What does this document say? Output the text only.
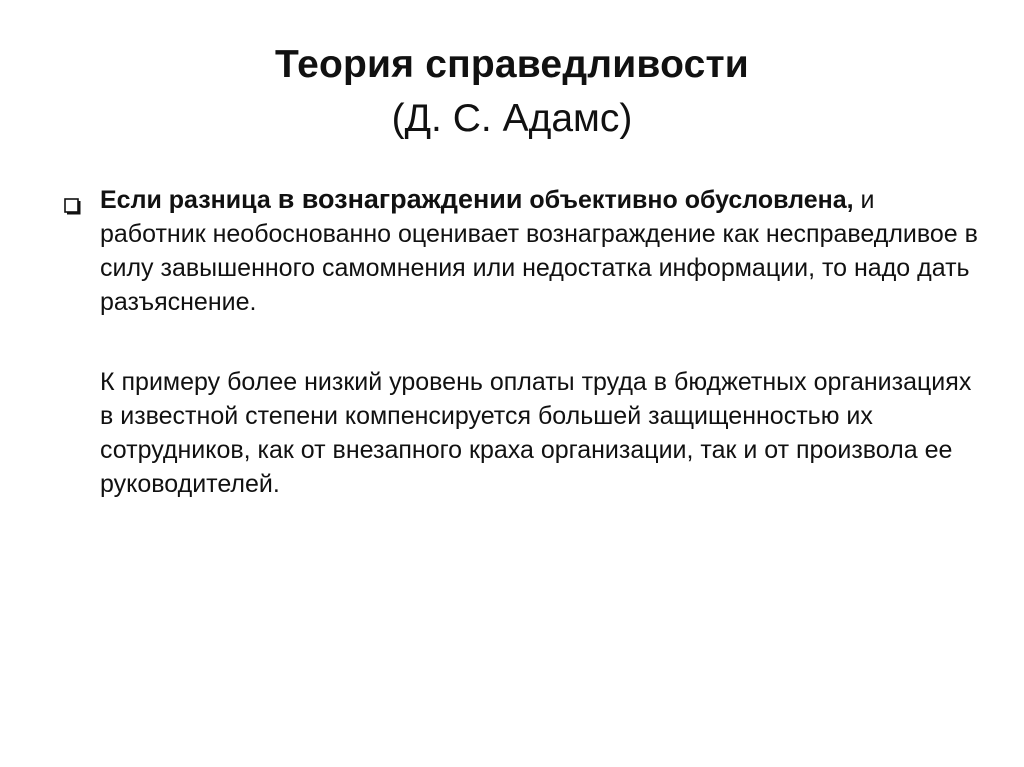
Теория справедливости
(Д. С. Адамс)
Если разница в вознаграждении объективно обусловлена, и работник необоснованно оценивает вознаграждение как несправедливое в силу завышенного самомнения или недостатка информации, то надо дать разъяснение.
К примеру более низкий уровень оплаты труда в бюджетных организациях в известной степени компенсируется большей защищенностью их сотрудников, как от внезапного краха организации, так и от произвола ее руководителей.
